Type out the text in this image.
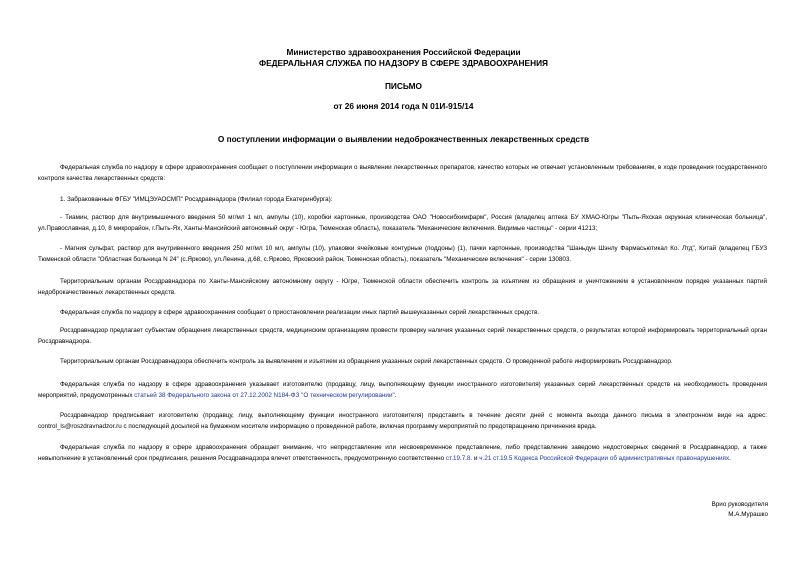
Министерство здравоохранения Российской Федерации

ФЕДЕРАЛЬНАЯ СЛУЖБА ПО НАДЗОРУ В СФЕРЕ ЗДРАВООХРАНЕНИЯ

ПИСЬМО

от 26 июня 2014 года N 01И-915/14

О поступлении информации о выявлении недоброкачественных лекарственных средств

Федеральная служба по надзору в сфере здравоохранения сообщает о поступлении информации о выявлении лекарственных препаратов, качество которых не отвечает установленным требованиям, в ходе проведения государственного контроля качества лекарственных средств:

1. Забракованные ФГБУ "ИМЦЭУАОСМП" Росздравнадзора (Филиал города Екатеринбурга):

- Тиамин, раствор для внутримышечного введения 50 мг/мл 1 мл, ампулы (10), коробки картонные, производства ОАО "Новосибхимфарм", Россия (владелец аптека БУ ХМАО-Югры "Пыть-Яхская окружная клиническая больница", ул.Православная, д.10, 8 микрорайон, г.Пыть-Ях, Ханты-Мансийский автономный округ - Югра, Тюменская область), показатель "Механические включения. Видимые частицы" - серии 41213;

- Магния сульфат, раствор для внутривенного введения 250 мг/мл 10 мл, ампулы (10), упаковки ячейковые контурные (поддоны) (1), пачки картонные, производства "Шаньдун Шэнлу Фармасьютикал Ко. Лтд", Китай (владелец ГБУЗ Тюменской области "Областная больница N 24" (с.Ярково), ул.Ленина, д.68, с.Ярково, Ярковский район, Тюменская область), показатель "Механические включения" - серии 130803.

Территориальным органам Росздравнадзора по Ханты-Мансийскому автономному округу - Югре, Тюменской области обеспечить контроль за изъятием из обращения и уничтожением в установленном порядке указанных партий недоброкачественных лекарственных средств.

Федеральная служба по надзору в сфере здравоохранения сообщает о приостановлении реализации иных партий вышеуказанных серий лекарственных средств.

Росздравнадзор предлагает субъектам обращения лекарственных средств, медицинским организациям провести проверку наличия указанных серий лекарственных средств, о результатах которой информировать территориальный орган Росздравнадзора.

Территориальным органам Росздравнадзора обеспечить контроль за выявлением и изъятием из обращения указанных серий лекарственных средств. О проведенной работе информировать Росздравнадзор.

Федеральная служба по надзору в сфере здравоохранения указывает изготовителю (продавцу, лицу, выполняющему функции иностранного изготовителя) указанных серий лекарственных средств на необходимость проведения мероприятий, предусмотренных статьей 38 Федерального закона от 27.12.2002 N184-ФЗ "О техническом регулировании".

Росздравнадзор предписывает изготовителю (продавцу, лицу, выполняющему функции иностранного изготовителя) представить в течение десяти дней с момента выхода данного письма в электронном виде на адрес: control_ls@roszdravnadzor.ru с последующей досылкой на бумажном носителе информацию о проведенной работе, включая программу мероприятий по предотвращению причинения вреда.

Федеральная служба по надзору в сфере здравоохранения обращает внимание, что непредставление или несвоевременное представление, либо представление заведомо недостоверных сведений в Росздравнадзор, а также невыполнение в установленный срок предписания, решения Росздравнадзора влечет ответственность, предусмотренную соответственно ст.19.7.8. и ч.21 ст.19.5 Кодекса Российской Федерации об административных правонарушениях.

Врио руководителя
М.А.Мурашко
